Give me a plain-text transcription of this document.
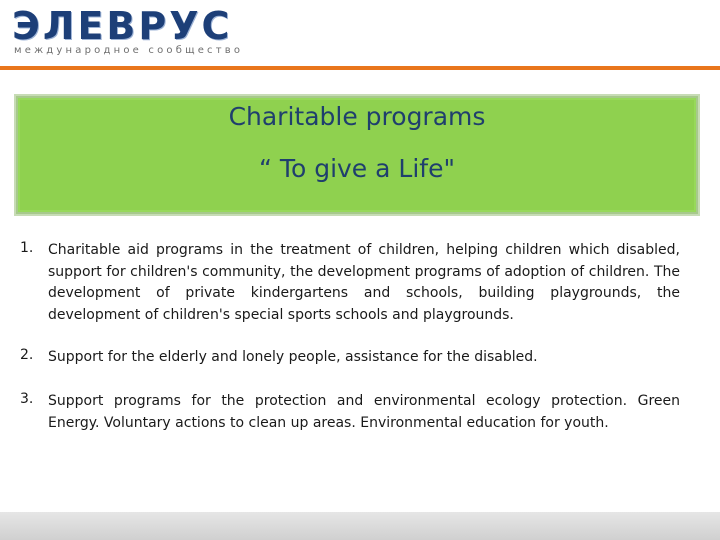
ЭЛЕВРУС
международное сообщество
Charitable programs
“ To give a Life"
1.	Charitable aid programs in the treatment of children, helping children which disabled, support for children's community, the development programs of adoption of children. The development of private kindergartens and schools, building playgrounds, the development of children's special sports schools and playgrounds.
2.	Support for the elderly and lonely people, assistance for the disabled.
3.	Support programs for the protection and environmental ecology protection. Green Energy. Voluntary actions to clean up areas. Environmental education for youth.
